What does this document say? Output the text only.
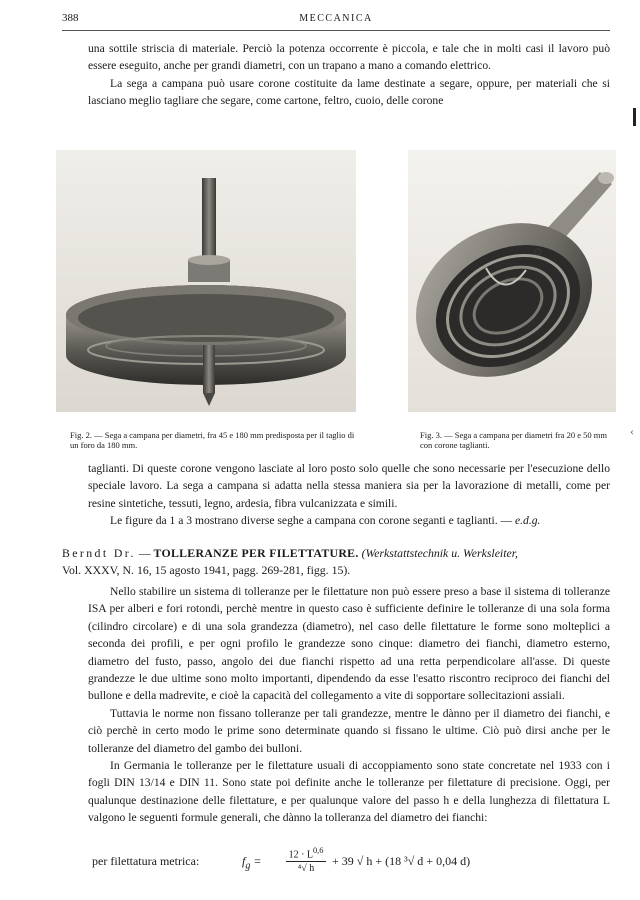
388	MECCANICA

una sottile striscia di materiale. Perciò la potenza occorrente è piccola, e tale che in molti casi il lavoro può essere eseguito, anche per grandi diametri, con un trapano a mano a comando elettrico.

La sega a campana può usare corone costituite da lame destinate a segare, oppure, per materiali che si lasciano meglio tagliare che segare, come cartone, feltro, cuoio, delle corone

Fig. 2. — Sega a campana per diametri, fra 45 e 180 mm predisposta per il taglio di un foro da 180 mm.
Fig. 3. — Sega a campana per diametri fra 20 e 50 mm con corone taglianti.
‹

taglianti. Di queste corone vengono lasciate al loro posto solo quelle che sono necessarie per l'esecuzione dello speciale lavoro. La sega a campana si adatta nella stessa maniera sia per la lavorazione di metalli, come per resine sintetiche, tessuti, legno, ardesia, fibra vulcanizzata e simili.

Le figure da 1 a 3 mostrano diverse seghe a campana con corone seganti e taglianti. — e.d.g.

Berndt Dr. — TOLLERANZE PER FILETTATURE. (Werkstattstechnik u. Werksleiter,
Vol. XXXV, N. 16, 15 agosto 1941, pagg. 269-281, figg. 15).

Nello stabilire un sistema di tolleranze per le filettature non può essere preso a base il sistema di tolleranze ISA per alberi e fori rotondi, perchè mentre in questo caso è sufficiente definire le tolleranze di una sola forma (cilindro circolare) e di una sola grandezza (diametro), nel caso delle filettature le forme sono molteplici a seconda dei profili, e per ogni profilo le grandezze sono cinque: diametro dei fianchi, diametro esterno, diametro del fusto, passo, angolo dei due fianchi rispetto ad una retta perpendicolare all'asse. Di queste grandezze le due ultime sono molto importanti, dipendendo da esse l'esatto riscontro reciproco dei fianchi del bullone e della madrevite, e cioè la capacità del collegamento a vite di sopportare sollecitazioni assiali.

Tuttavia le norme non fissano tolleranze per tali grandezze, mentre le dànno per il diametro dei fianchi, e ciò perchè in certo modo le prime sono determinate quando si fissano le ultime. Ciò può dirsi anche per le tolleranze del diametro del gambo dei bulloni.

In Germania le tolleranze per le filettature usuali di accoppiamento sono state concretate nel 1933 con i fogli DIN 13/14 e DIN 11. Sono state poi definite anche le tolleranze per filettature di precisione. Oggi, per qualunque destinazione delle filettature, e per qualunque valore del passo h e della lunghezza di filettatura L valgono le seguenti formule generali, che dànno la tolleranza del diametro dei fianchi:

per filettatura metrica:	$f_g = \frac{12 \cdot L^{0,6}}{\text{⁴√ h}} + 39$ √ h + (18 ³√ d + 0,04 d)
